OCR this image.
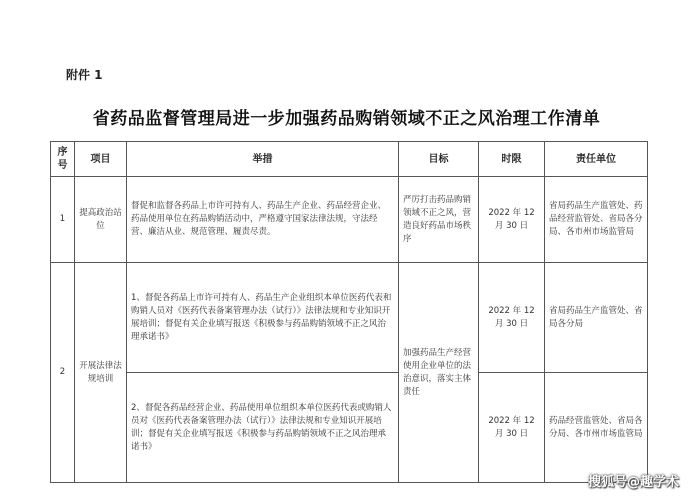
附件 1
省药品监督管理局进一步加强药品购销领域不正之风治理工作清单
序号	项目	举措	目标	时限	责任单位
1	提高政治站位	督促和监督各药品上市许可持有人、药品生产企业、药品经营企业、药品使用单位在药品购销活动中，严格遵守国家法律法规，守法经营、廉洁从业、规范管理、履责尽责。	严厉打击药品购销领域不正之风，营造良好药品市场秩序	2022 年 12 月 30 日	省局药品生产监管处、药品经营监管处、省局各分局、各市州市场监管局
2	开展法律法规培训	1、督促各药品上市许可持有人、药品生产企业组织本单位医药代表和购销人员对《医药代表备案管理办法（试行）》法律法规和专业知识开展培训；督促有关企业填写报送《积极参与药品购销领域不正之风治理承诺书》	加强药品生产经营使用企业单位的法治意识，落实主体责任	2022 年 12 月 30 日	省局药品生产监管处、省局各分局
		2、督促各药品经营企业、药品使用单位组织本单位医药代表或购销人员对《医药代表备案管理办法（试行）》法律法规和专业知识开展培训；督促有关企业填写报送《积极参与药品购销领域不正之风治理承诺书》		2022 年 12 月 30 日	药品经营监管处、省局各分局、各市州市场监管局
搜狐号@趣学术
